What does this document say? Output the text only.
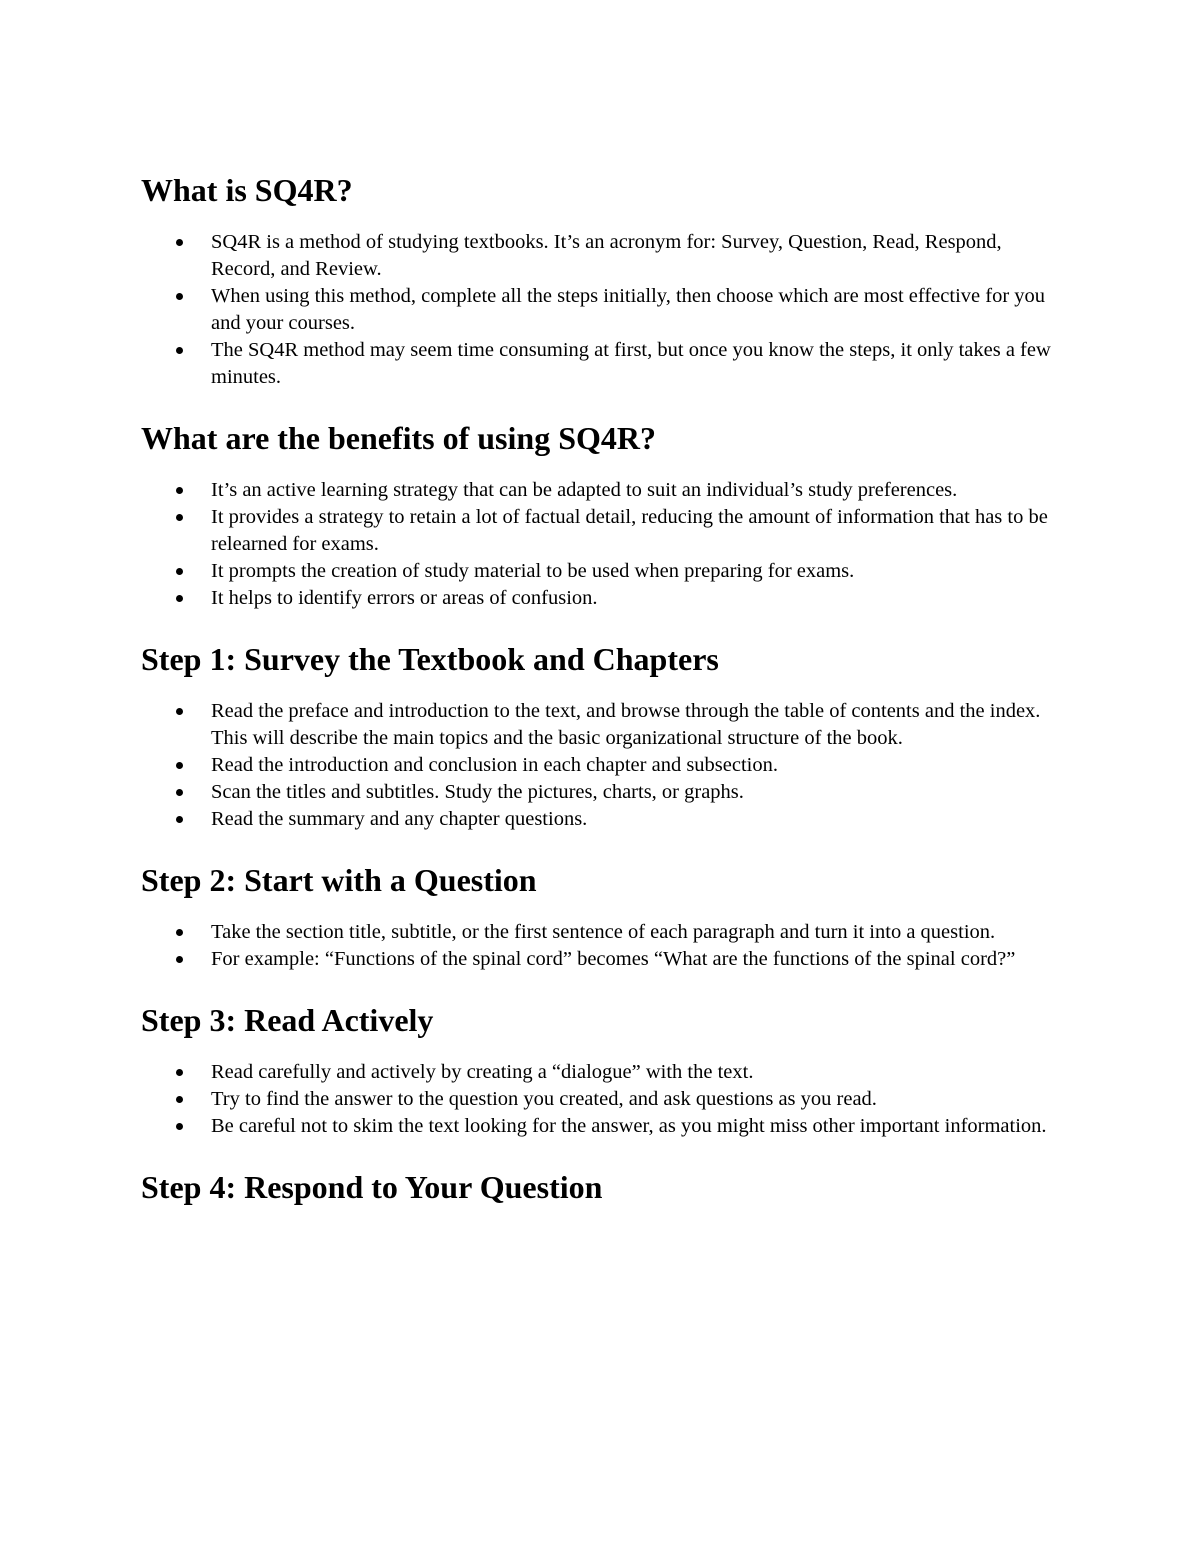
What is SQ4R?
SQ4R is a method of studying textbooks. It’s an acronym for: Survey, Question, Read, Respond, Record, and Review.
When using this method, complete all the steps initially, then choose which are most effective for you and your courses.
The SQ4R method may seem time consuming at first, but once you know the steps, it only takes a few minutes.
What are the benefits of using SQ4R?
It’s an active learning strategy that can be adapted to suit an individual’s study preferences.
It provides a strategy to retain a lot of factual detail, reducing the amount of information that has to be relearned for exams.
It prompts the creation of study material to be used when preparing for exams.
It helps to identify errors or areas of confusion.
Step 1: Survey the Textbook and Chapters
Read the preface and introduction to the text, and browse through the table of contents and the index. This will describe the main topics and the basic organizational structure of the book.
Read the introduction and conclusion in each chapter and subsection.
Scan the titles and subtitles. Study the pictures, charts, or graphs.
Read the summary and any chapter questions.
Step 2: Start with a Question
Take the section title, subtitle, or the first sentence of each paragraph and turn it into a question.
For example: “Functions of the spinal cord” becomes “What are the functions of the spinal cord?”
Step 3: Read Actively
Read carefully and actively by creating a “dialogue” with the text.
Try to find the answer to the question you created, and ask questions as you read.
Be careful not to skim the text looking for the answer, as you might miss other important information.
Step 4: Respond to Your Question
